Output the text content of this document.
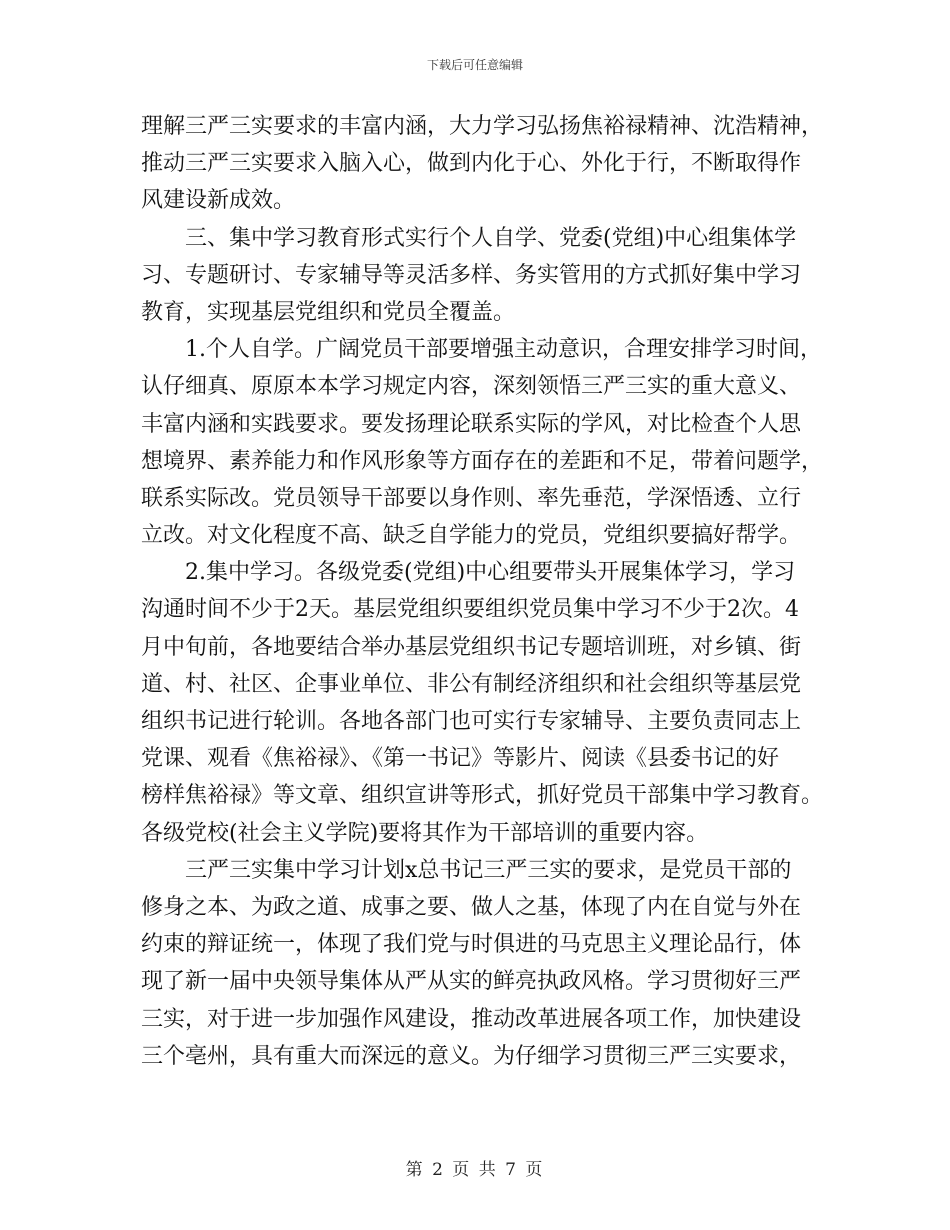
下载后可任意编辑
理解三严三实要求的丰富内涵，大力学习弘扬焦裕禄精神、沈浩精神，
推动三严三实要求入脑入心，做到内化于心、外化于行，不断取得作
风建设新成效。
　　三、集中学习教育形式实行个人自学、党委(党组)中心组集体学
习、专题研讨、专家辅导等灵活多样、务实管用的方式抓好集中学习
教育，实现基层党组织和党员全覆盖。
　　1.个人自学。广阔党员干部要增强主动意识，合理安排学习时间，
认仔细真、原原本本学习规定内容，深刻领悟三严三实的重大意义、
丰富内涵和实践要求。要发扬理论联系实际的学风，对比检查个人思
想境界、素养能力和作风形象等方面存在的差距和不足，带着问题学，
联系实际改。党员领导干部要以身作则、率先垂范，学深悟透、立行
立改。对文化程度不高、缺乏自学能力的党员，党组织要搞好帮学。
　　2.集中学习。各级党委(党组)中心组要带头开展集体学习，学习
沟通时间不少于2天。基层党组织要组织党员集中学习不少于2次。4
月中旬前，各地要结合举办基层党组织书记专题培训班，对乡镇、街
道、村、社区、企事业单位、非公有制经济组织和社会组织等基层党
组织书记进行轮训。各地各部门也可实行专家辅导、主要负责同志上
党课、观看《焦裕禄》、《第一书记》等影片、阅读《县委书记的好
榜样焦裕禄》等文章、组织宣讲等形式，抓好党员干部集中学习教育。
各级党校(社会主义学院)要将其作为干部培训的重要内容。
　　三严三实集中学习计划x总书记三严三实的要求，是党员干部的
修身之本、为政之道、成事之要、做人之基，体现了内在自觉与外在
约束的辩证统一，体现了我们党与时俱进的马克思主义理论品行，体
现了新一届中央领导集体从严从实的鲜亮执政风格。学习贯彻好三严
三实，对于进一步加强作风建设，推动改革进展各项工作，加快建设
三个亳州，具有重大而深远的意义。为仔细学习贯彻三严三实要求，
第 2 页 共 7 页
